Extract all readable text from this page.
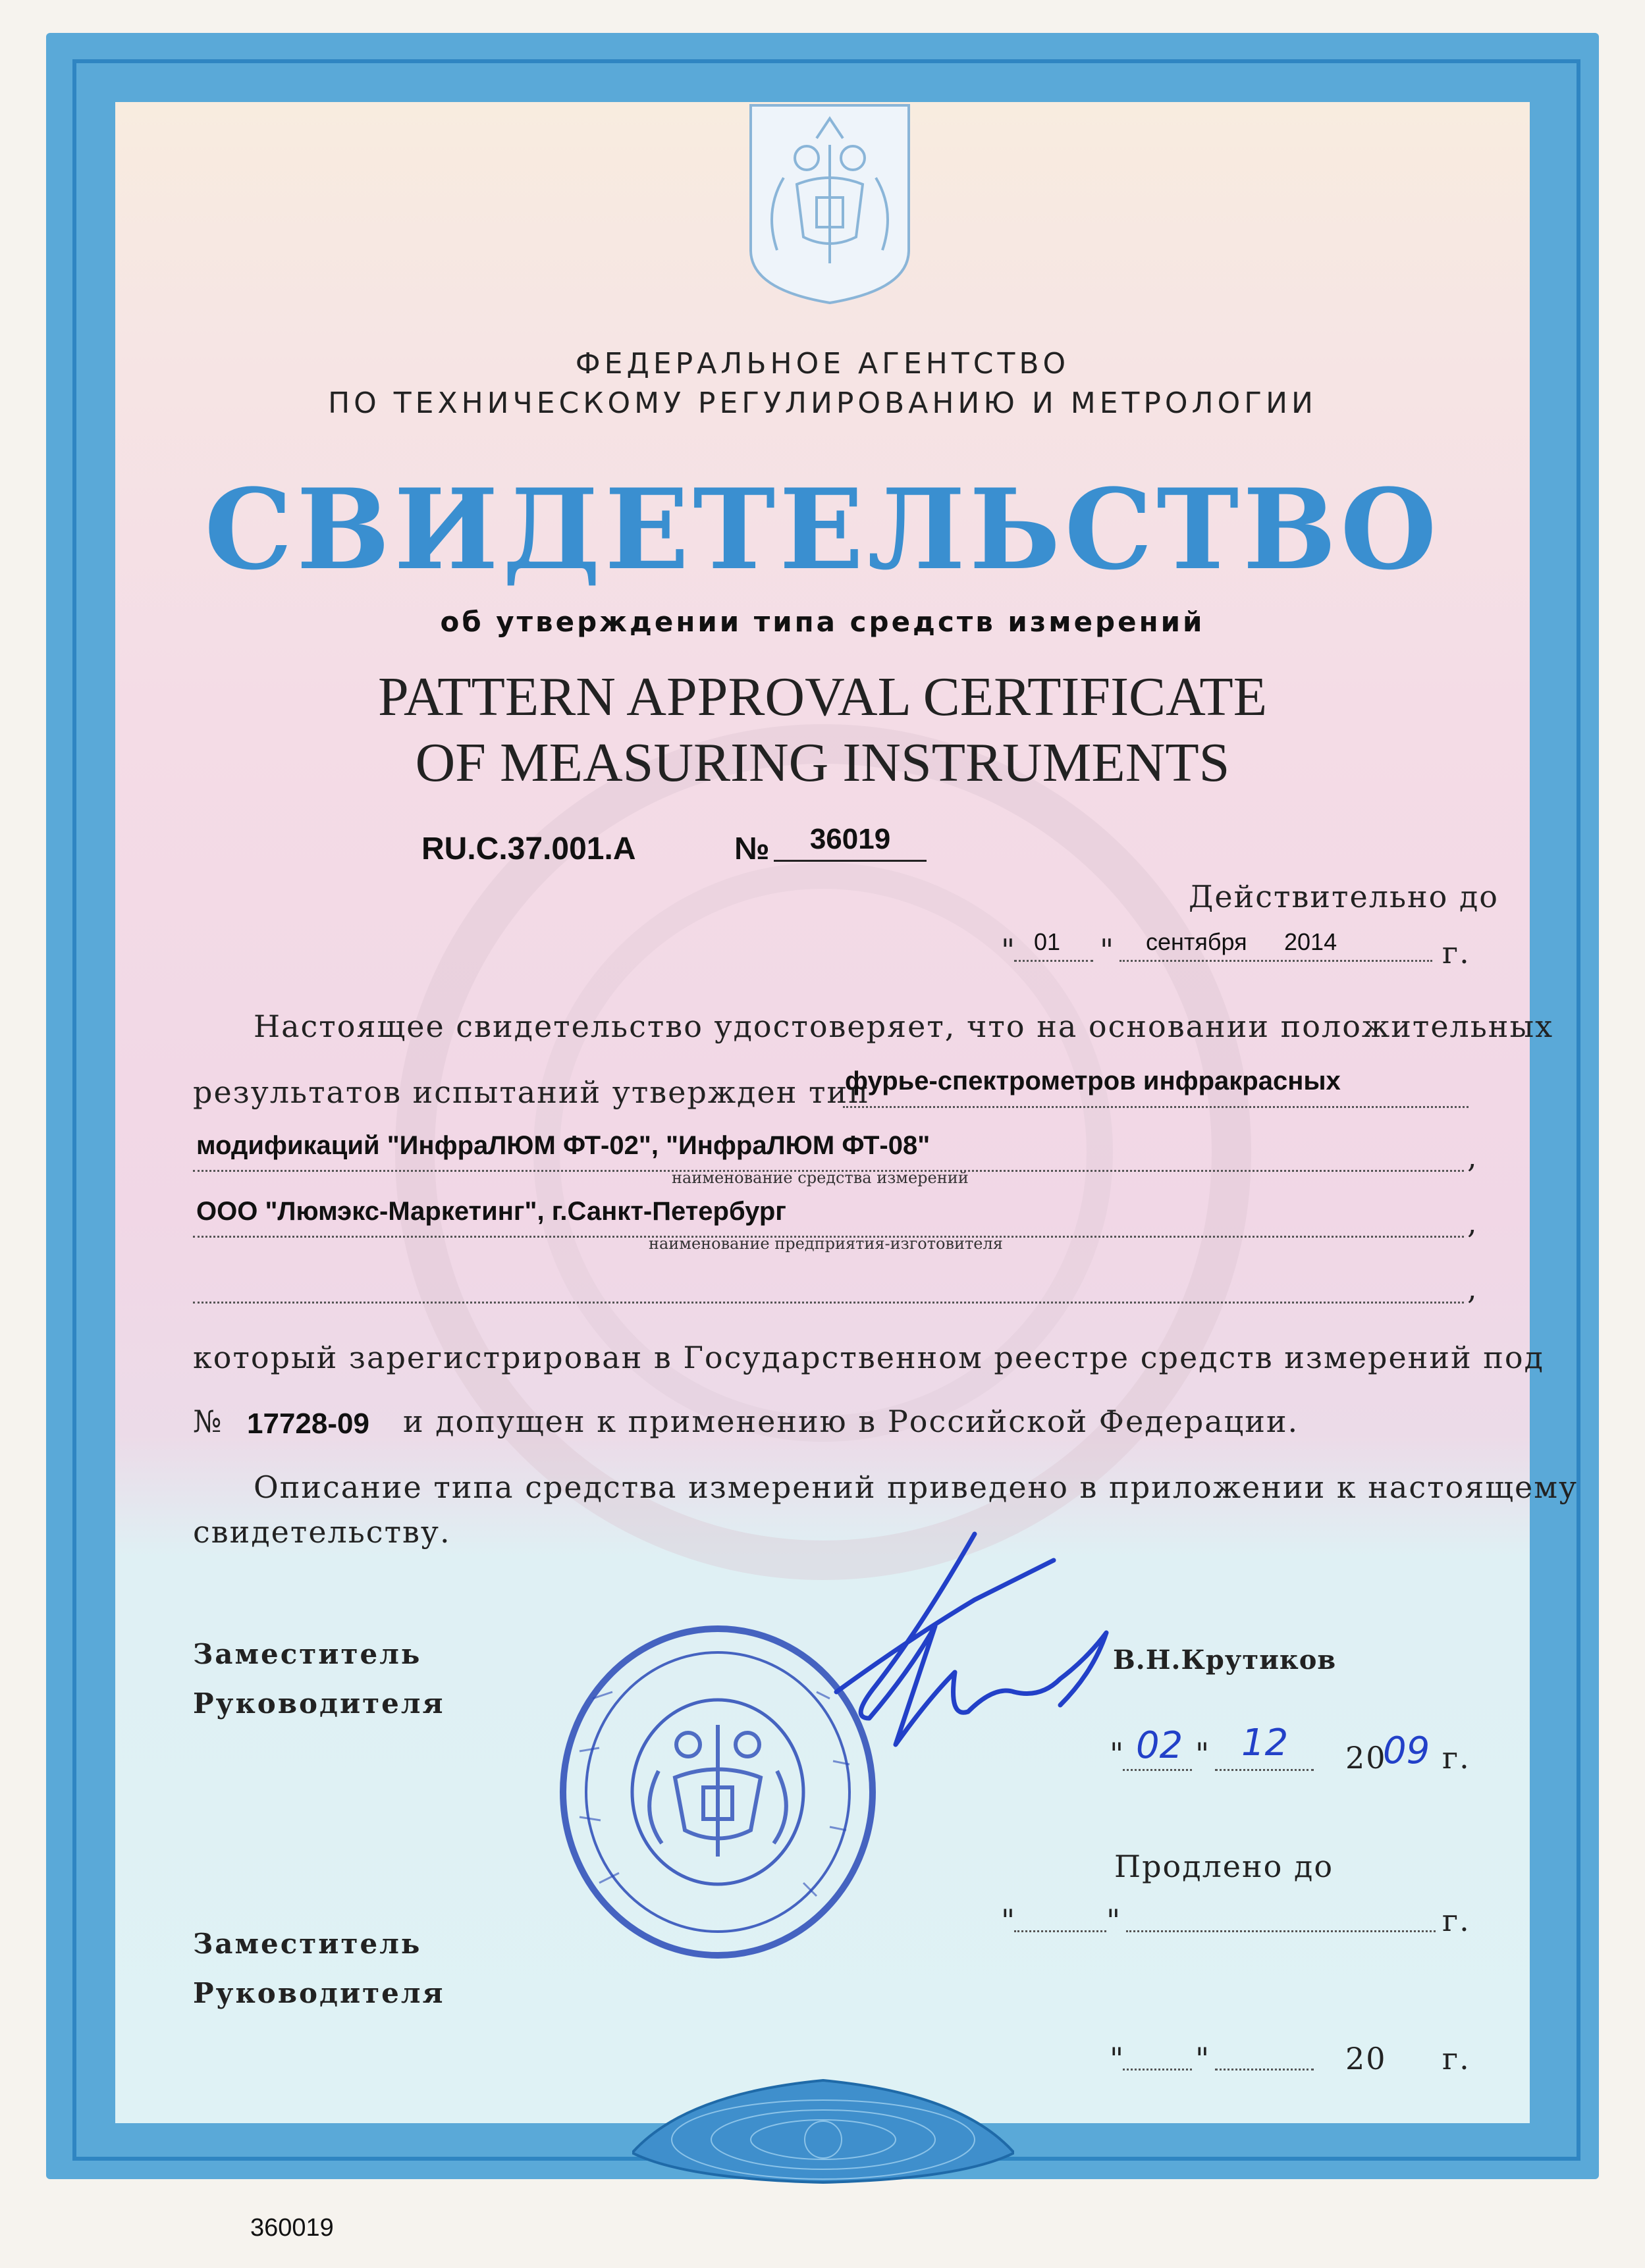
ФЕДЕРАЛЬНОЕ АГЕНТСТВО
ПО ТЕХНИЧЕСКОМУ РЕГУЛИРОВАНИЮ И МЕТРОЛОГИИ
СВИДЕТЕЛЬСТВО
об утверждении типа средств измерений
PATTERN APPROVAL CERTIFICATE
OF MEASURING INSTRUMENTS
RU.C.37.001.A	№	36019
Действительно до
" 01 " сентября 2014	г.
Настоящее свидетельство удостоверяет, что на основании положительных
результатов испытаний утвержден тип
фурье-спектрометров инфракрасных
,
модификаций "ИнфраЛЮМ ФТ-02", "ИнфраЛЮМ ФТ-08"
наименование средства измерений
,
ООО "Люмэкс-Маркетинг", г.Санкт-Петербург
наименование предприятия-изготовителя
,
который зарегистрирован в Государственном реестре средств измерений под
№ 17728-09 и допущен к применению в Российской Федерации.
Описание типа средства измерений приведено в приложении к настоящему
свидетельству.
Заместитель
Руководителя
В.Н.Крутиков
" 02 " 12 20
09 г.
Продлено до
"	"	г.
Заместитель
Руководителя
" "	20 г.
360019
